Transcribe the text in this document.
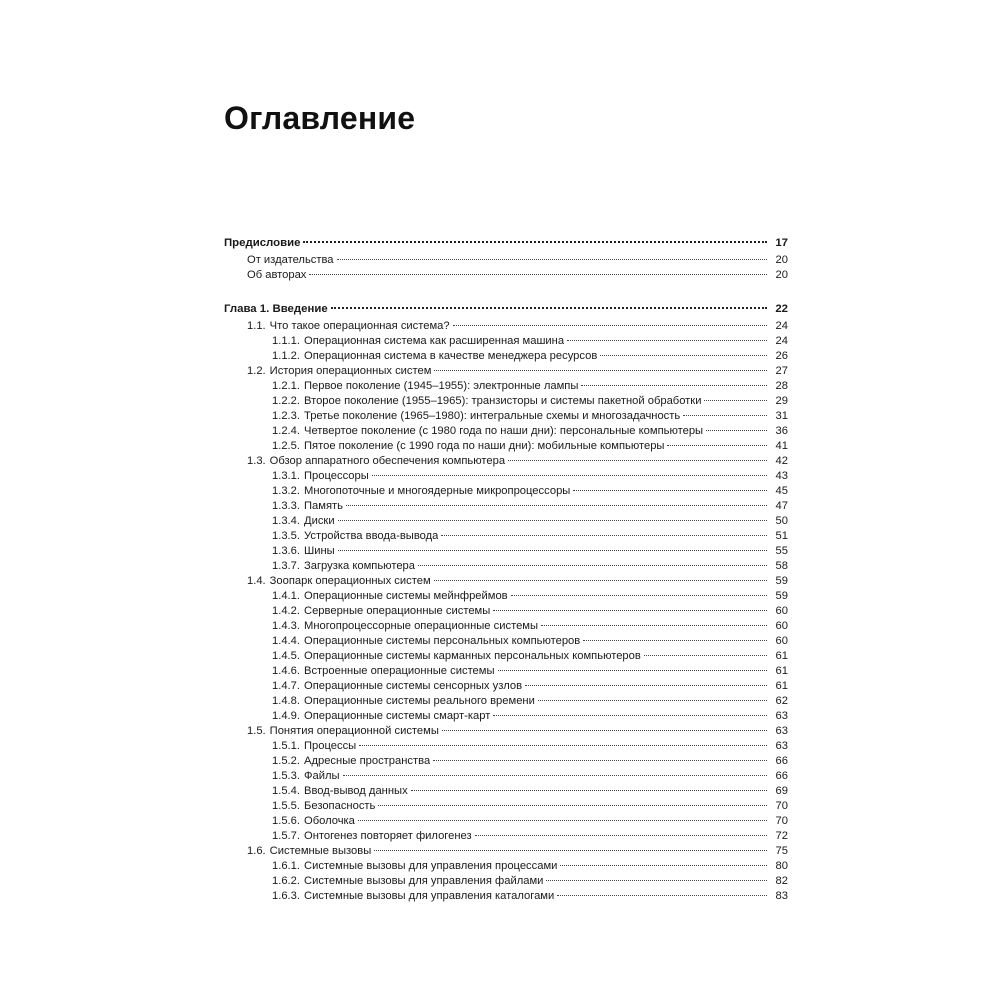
Оглавление
Предисловие	17
От издательства	20
Об авторах	20
Глава 1. Введение	22
1.1. Что такое операционная система?	24
1.1.1. Операционная система как расширенная машина	24
1.1.2. Операционная система в качестве менеджера ресурсов	26
1.2. История операционных систем	27
1.2.1. Первое поколение (1945–1955): электронные лампы	28
1.2.2. Второе поколение (1955–1965): транзисторы и системы пакетной обработки	29
1.2.3. Третье поколение (1965–1980): интегральные схемы и многозадачность	31
1.2.4. Четвертое поколение (с 1980 года по наши дни): персональные компьютеры	36
1.2.5. Пятое поколение (с 1990 года по наши дни): мобильные компьютеры	41
1.3. Обзор аппаратного обеспечения компьютера	42
1.3.1. Процессоры	43
1.3.2. Многопоточные и многоядерные микропроцессоры	45
1.3.3. Память	47
1.3.4. Диски	50
1.3.5. Устройства ввода-вывода	51
1.3.6. Шины	55
1.3.7. Загрузка компьютера	58
1.4. Зоопарк операционных систем	59
1.4.1. Операционные системы мейнфреймов	59
1.4.2. Серверные операционные системы	60
1.4.3. Многопроцессорные операционные системы	60
1.4.4. Операционные системы персональных компьютеров	60
1.4.5. Операционные системы карманных персональных компьютеров	61
1.4.6. Встроенные операционные системы	61
1.4.7. Операционные системы сенсорных узлов	61
1.4.8. Операционные системы реального времени	62
1.4.9. Операционные системы смарт-карт	63
1.5. Понятия операционной системы	63
1.5.1. Процессы	63
1.5.2. Адресные пространства	66
1.5.3. Файлы	66
1.5.4. Ввод-вывод данных	69
1.5.5. Безопасность	70
1.5.6. Оболочка	70
1.5.7. Онтогенез повторяет филогенез	72
1.6. Системные вызовы	75
1.6.1. Системные вызовы для управления процессами	80
1.6.2. Системные вызовы для управления файлами	82
1.6.3. Системные вызовы для управления каталогами	83
